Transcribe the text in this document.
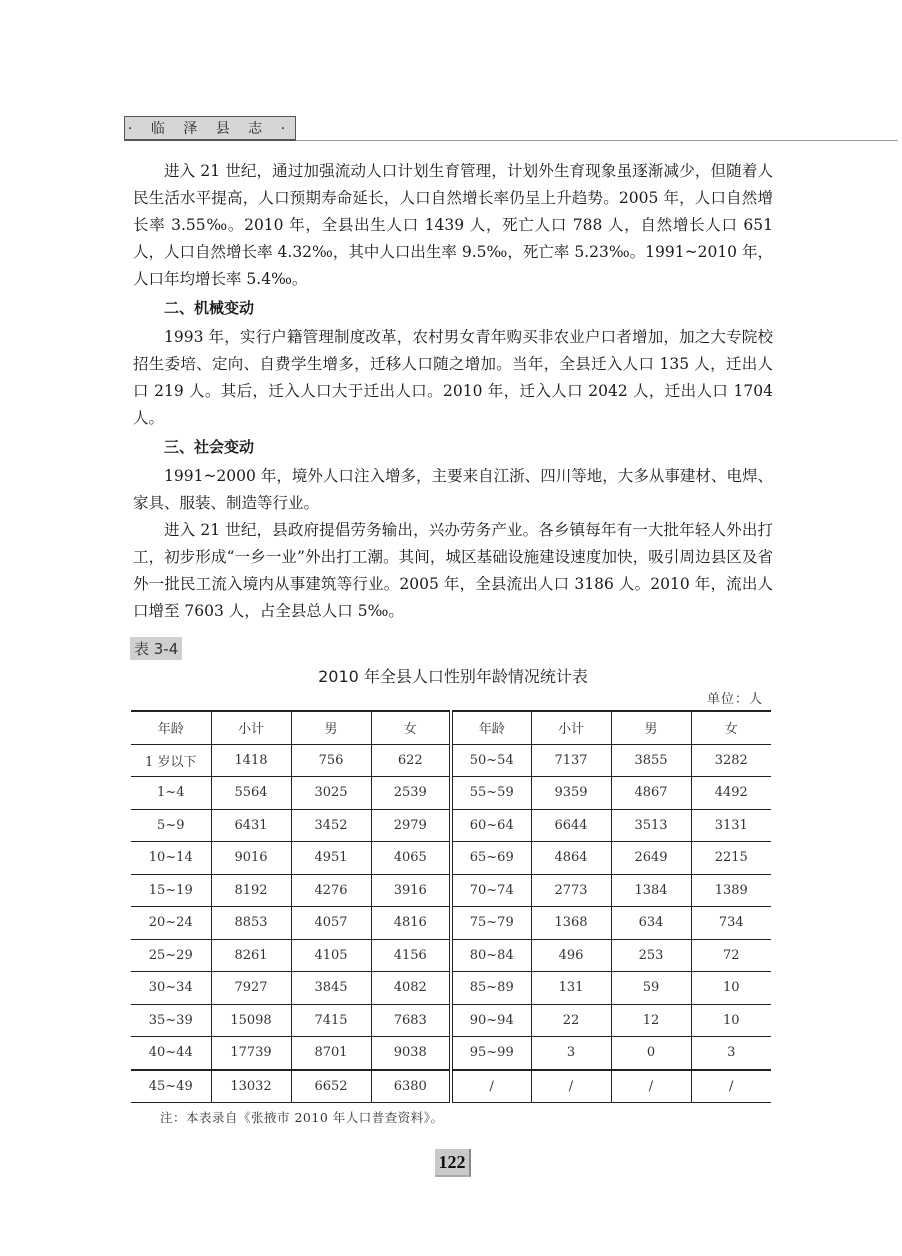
· 临 泽 县 志 ·

进入 21 世纪，通过加强流动人口计划生育管理，计划外生育现象虽逐渐减少，但随着人民生活水平提高，人口预期寿命延长，人口自然增长率仍呈上升趋势。2005 年，人口自然增长率 3.55‰。2010 年，全县出生人口 1439 人，死亡人口 788 人，自然增长人口 651 人，人口自然增长率 4.32‰，其中人口出生率 9.5‰，死亡率 5.23‰。1991~2010 年，人口年均增长率 5.4‰。

二、机械变动

1993 年，实行户籍管理制度改革，农村男女青年购买非农业户口者增加，加之大专院校招生委培、定向、自费学生增多，迁移人口随之增加。当年，全县迁入人口 135 人，迁出人口 219 人。其后，迁入人口大于迁出人口。2010 年，迁入人口 2042 人，迁出人口 1704 人。

三、社会变动

1991~2000 年，境外人口注入增多，主要来自江浙、四川等地，大多从事建材、电焊、家具、服装、制造等行业。

进入 21 世纪，县政府提倡劳务输出，兴办劳务产业。各乡镇每年有一大批年轻人外出打工，初步形成“一乡一业”外出打工潮。其间，城区基础设施建设速度加快，吸引周边县区及省外一批民工流入境内从事建筑等行业。2005 年，全县流出人口 3186 人。2010 年，流出人口增至 7603 人，占全县总人口 5‰。

表 3-4
2010 年全县人口性别年龄情况统计表
单位：人
年龄	小计	男	女	年龄	小计	男	女
1 岁以下	1418	756	622	50~54	7137	3855	3282
1~4	5564	3025	2539	55~59	9359	4867	4492
5~9	6431	3452	2979	60~64	6644	3513	3131
10~14	9016	4951	4065	65~69	4864	2649	2215
15~19	8192	4276	3916	70~74	2773	1384	1389
20~24	8853	4057	4816	75~79	1368	634	734
25~29	8261	4105	4156	80~84	496	253	72
30~34	7927	3845	4082	85~89	131	59	10
35~39	15098	7415	7683	90~94	22	12	10
40~44	17739	8701	9038	95~99	3	0	3
45~49	13032	6652	6380	/	/	/	/
注：本表录自《张掖市 2010 年人口普查资料》。
122
